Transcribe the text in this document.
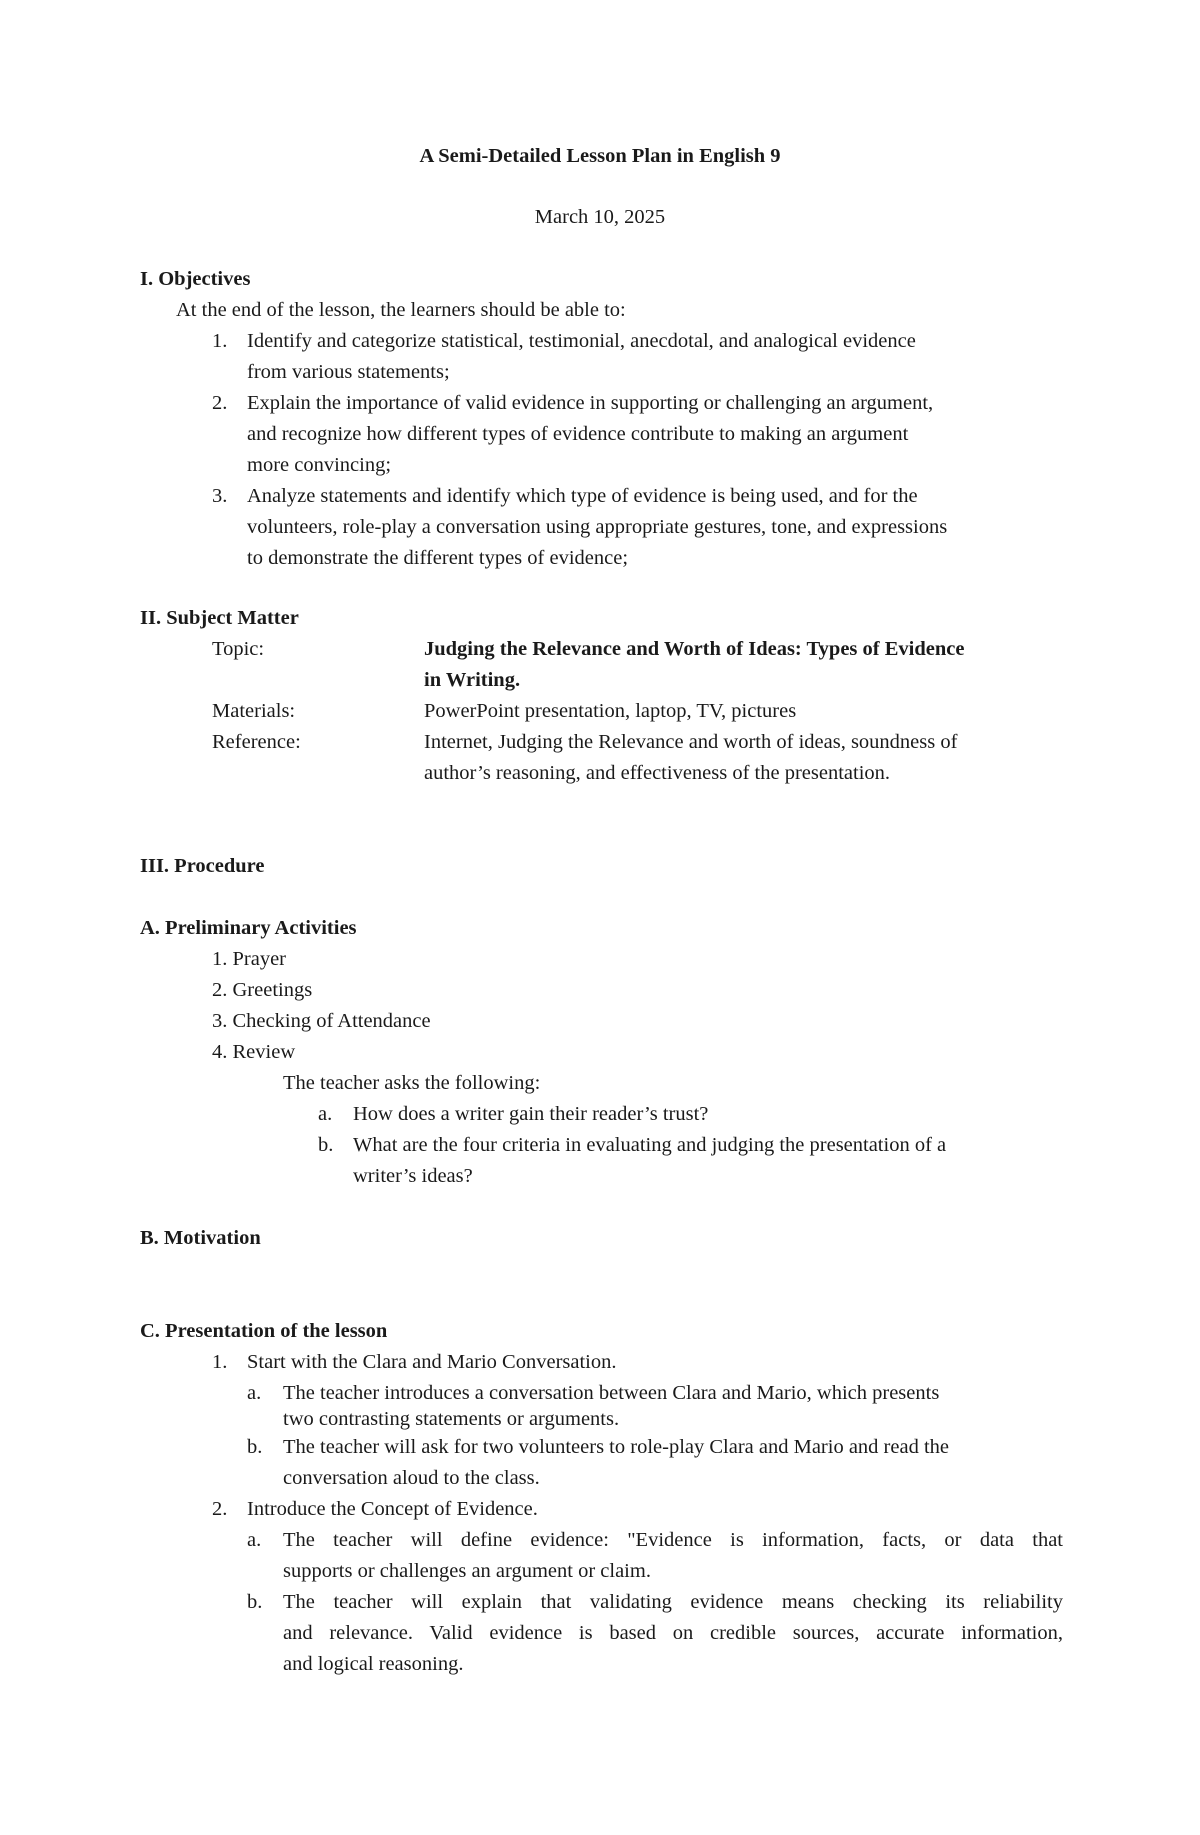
A Semi-Detailed Lesson Plan in English 9

March 10, 2025

I. Objectives

At the end of the lesson, the learners should be able to:

1. Identify and categorize statistical, testimonial, anecdotal, and analogical evidence
from various statements;
2. Explain the importance of valid evidence in supporting or challenging an argument,
and recognize how different types of evidence contribute to making an argument
more convincing;
3. Analyze statements and identify which type of evidence is being used, and for the
volunteers, role-play a conversation using appropriate gestures, tone, and expressions
to demonstrate the different types of evidence;

II. Subject Matter

Topic:	Judging the Relevance and Worth of Ideas: Types of Evidence
in Writing.
Materials:	PowerPoint presentation, laptop, TV, pictures
Reference:	Internet, Judging the Relevance and worth of ideas, soundness of
author’s reasoning, and effectiveness of the presentation.

III. Procedure

A. Preliminary Activities

1. Prayer
2. Greetings
3. Checking of Attendance
4. Review

The teacher asks the following:

a. How does a writer gain their reader’s trust?
b. What are the four criteria in evaluating and judging the presentation of a
writer’s ideas?

B. Motivation

C. Presentation of the lesson

1. Start with the Clara and Mario Conversation.
a. The teacher introduces a conversation between Clara and Mario, which presents
two contrasting statements or arguments.
b. The teacher will ask for two volunteers to role-play Clara and Mario and read the
conversation aloud to the class.
2. Introduce the Concept of Evidence.
a. The teacher will define evidence: "Evidence is information, facts, or data that
supports or challenges an argument or claim.
b. The teacher will explain that validating evidence means checking its reliability
and relevance. Valid evidence is based on credible sources, accurate information,
and logical reasoning.
